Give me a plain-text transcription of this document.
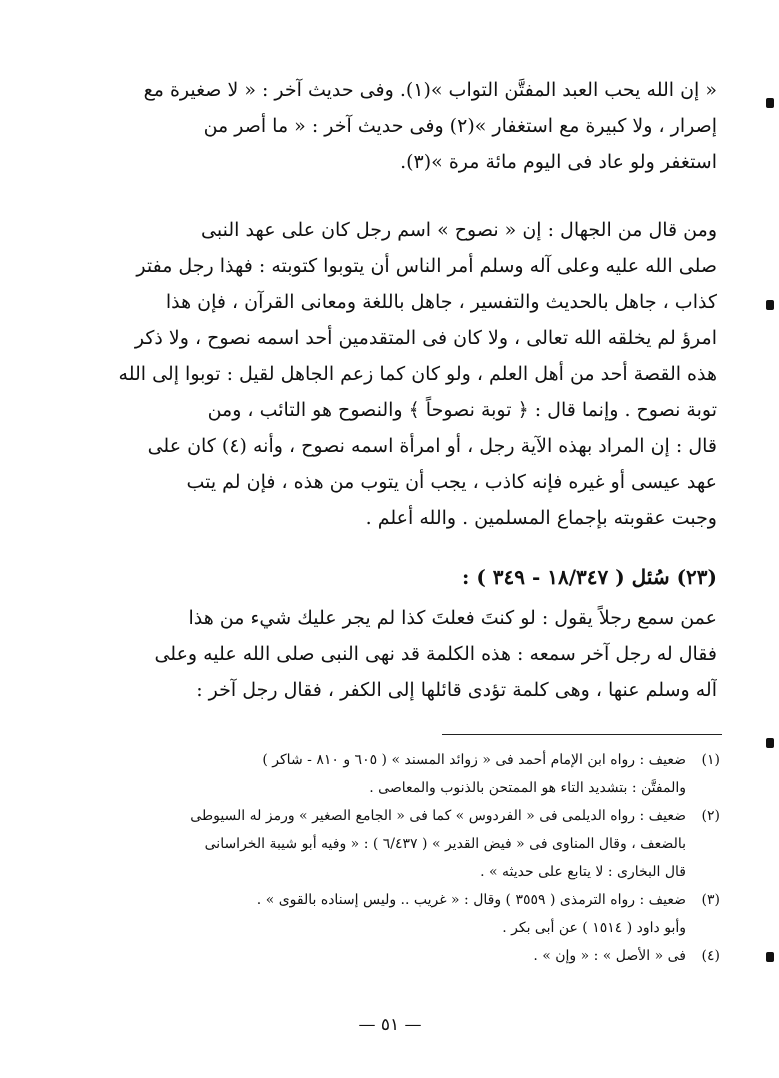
« إن الله يحب العبد المفتَّن التواب »(١). وفى حديث آخر : « لا صغيرة مع
إصرار ، ولا كبيرة مع استغفار »(٢) وفى حديث آخر : « ما أصر من
استغفر ولو عاد فى اليوم مائة مرة »(٣).
ومن قال من الجهال : إن « نصوح » اسم رجل كان على عهد النبى
صلى الله عليه وعلى آله وسلم أمر الناس أن يتوبوا كتوبته : فهذا رجل مفتر
كذاب ، جاهل بالحديث والتفسير ، جاهل باللغة ومعانى القرآن ، فإن هذا
امرؤ لم يخلقه الله تعالى ، ولا كان فى المتقدمين أحد اسمه نصوح ، ولا ذكر
هذه القصة أحد من أهل العلم ، ولو كان كما زعم الجاهل لقيل : توبوا إلى الله
توبة نصوح . وإنما قال : ﴿ توبة نصوحاً ﴾ والنصوح هو التائب ، ومن
قال : إن المراد بهذه الآية رجل ، أو امرأة اسمه نصوح ، وأنه (٤) كان على
عهد عيسى أو غيره فإنه كاذب ، يجب أن يتوب من هذه ، فإن لم يتب
وجبت عقوبته بإجماع المسلمين . والله أعلم .
(٢٣) سُئل ( ١٨/٣٤٧ - ٣٤٩ ) :
عمن سمع رجلاً يقول : لو كنتَ فعلتَ كذا لم يجر عليك شيء من هذا
فقال له رجل آخر سمعه : هذه الكلمة قد نهى النبى صلى الله عليه وعلى
آله وسلم عنها ، وهى كلمة تؤدى قائلها إلى الكفر ، فقال رجل آخر :
(١)
ضعيف : رواه ابن الإمام أحمد فى « زوائد المسند » ( ٦٠٥ و ٨١٠ - شاكر )
والمفتَّن : بتشديد التاء هو الممتحن بالذنوب والمعاصى .
(٢)
ضعيف : رواه الديلمى فى « الفردوس » كما فى « الجامع الصغير » ورمز له السيوطى
بالضعف ، وقال المناوى فى « فيض القدير » ( ٦/٤٣٧ ) : « وفيه أبو شيبة الخراسانى
قال البخارى : لا يتابع على حديثه » .
(٣)
ضعيف : رواه الترمذى ( ٣٥٥٩ ) وقال : « غريب .. وليس إسناده بالقوى » .
وأبو داود ( ١٥١٤ ) عن أبى بكر .
(٤)
فى « الأصل » : « وإن » .
— ٥١ —
